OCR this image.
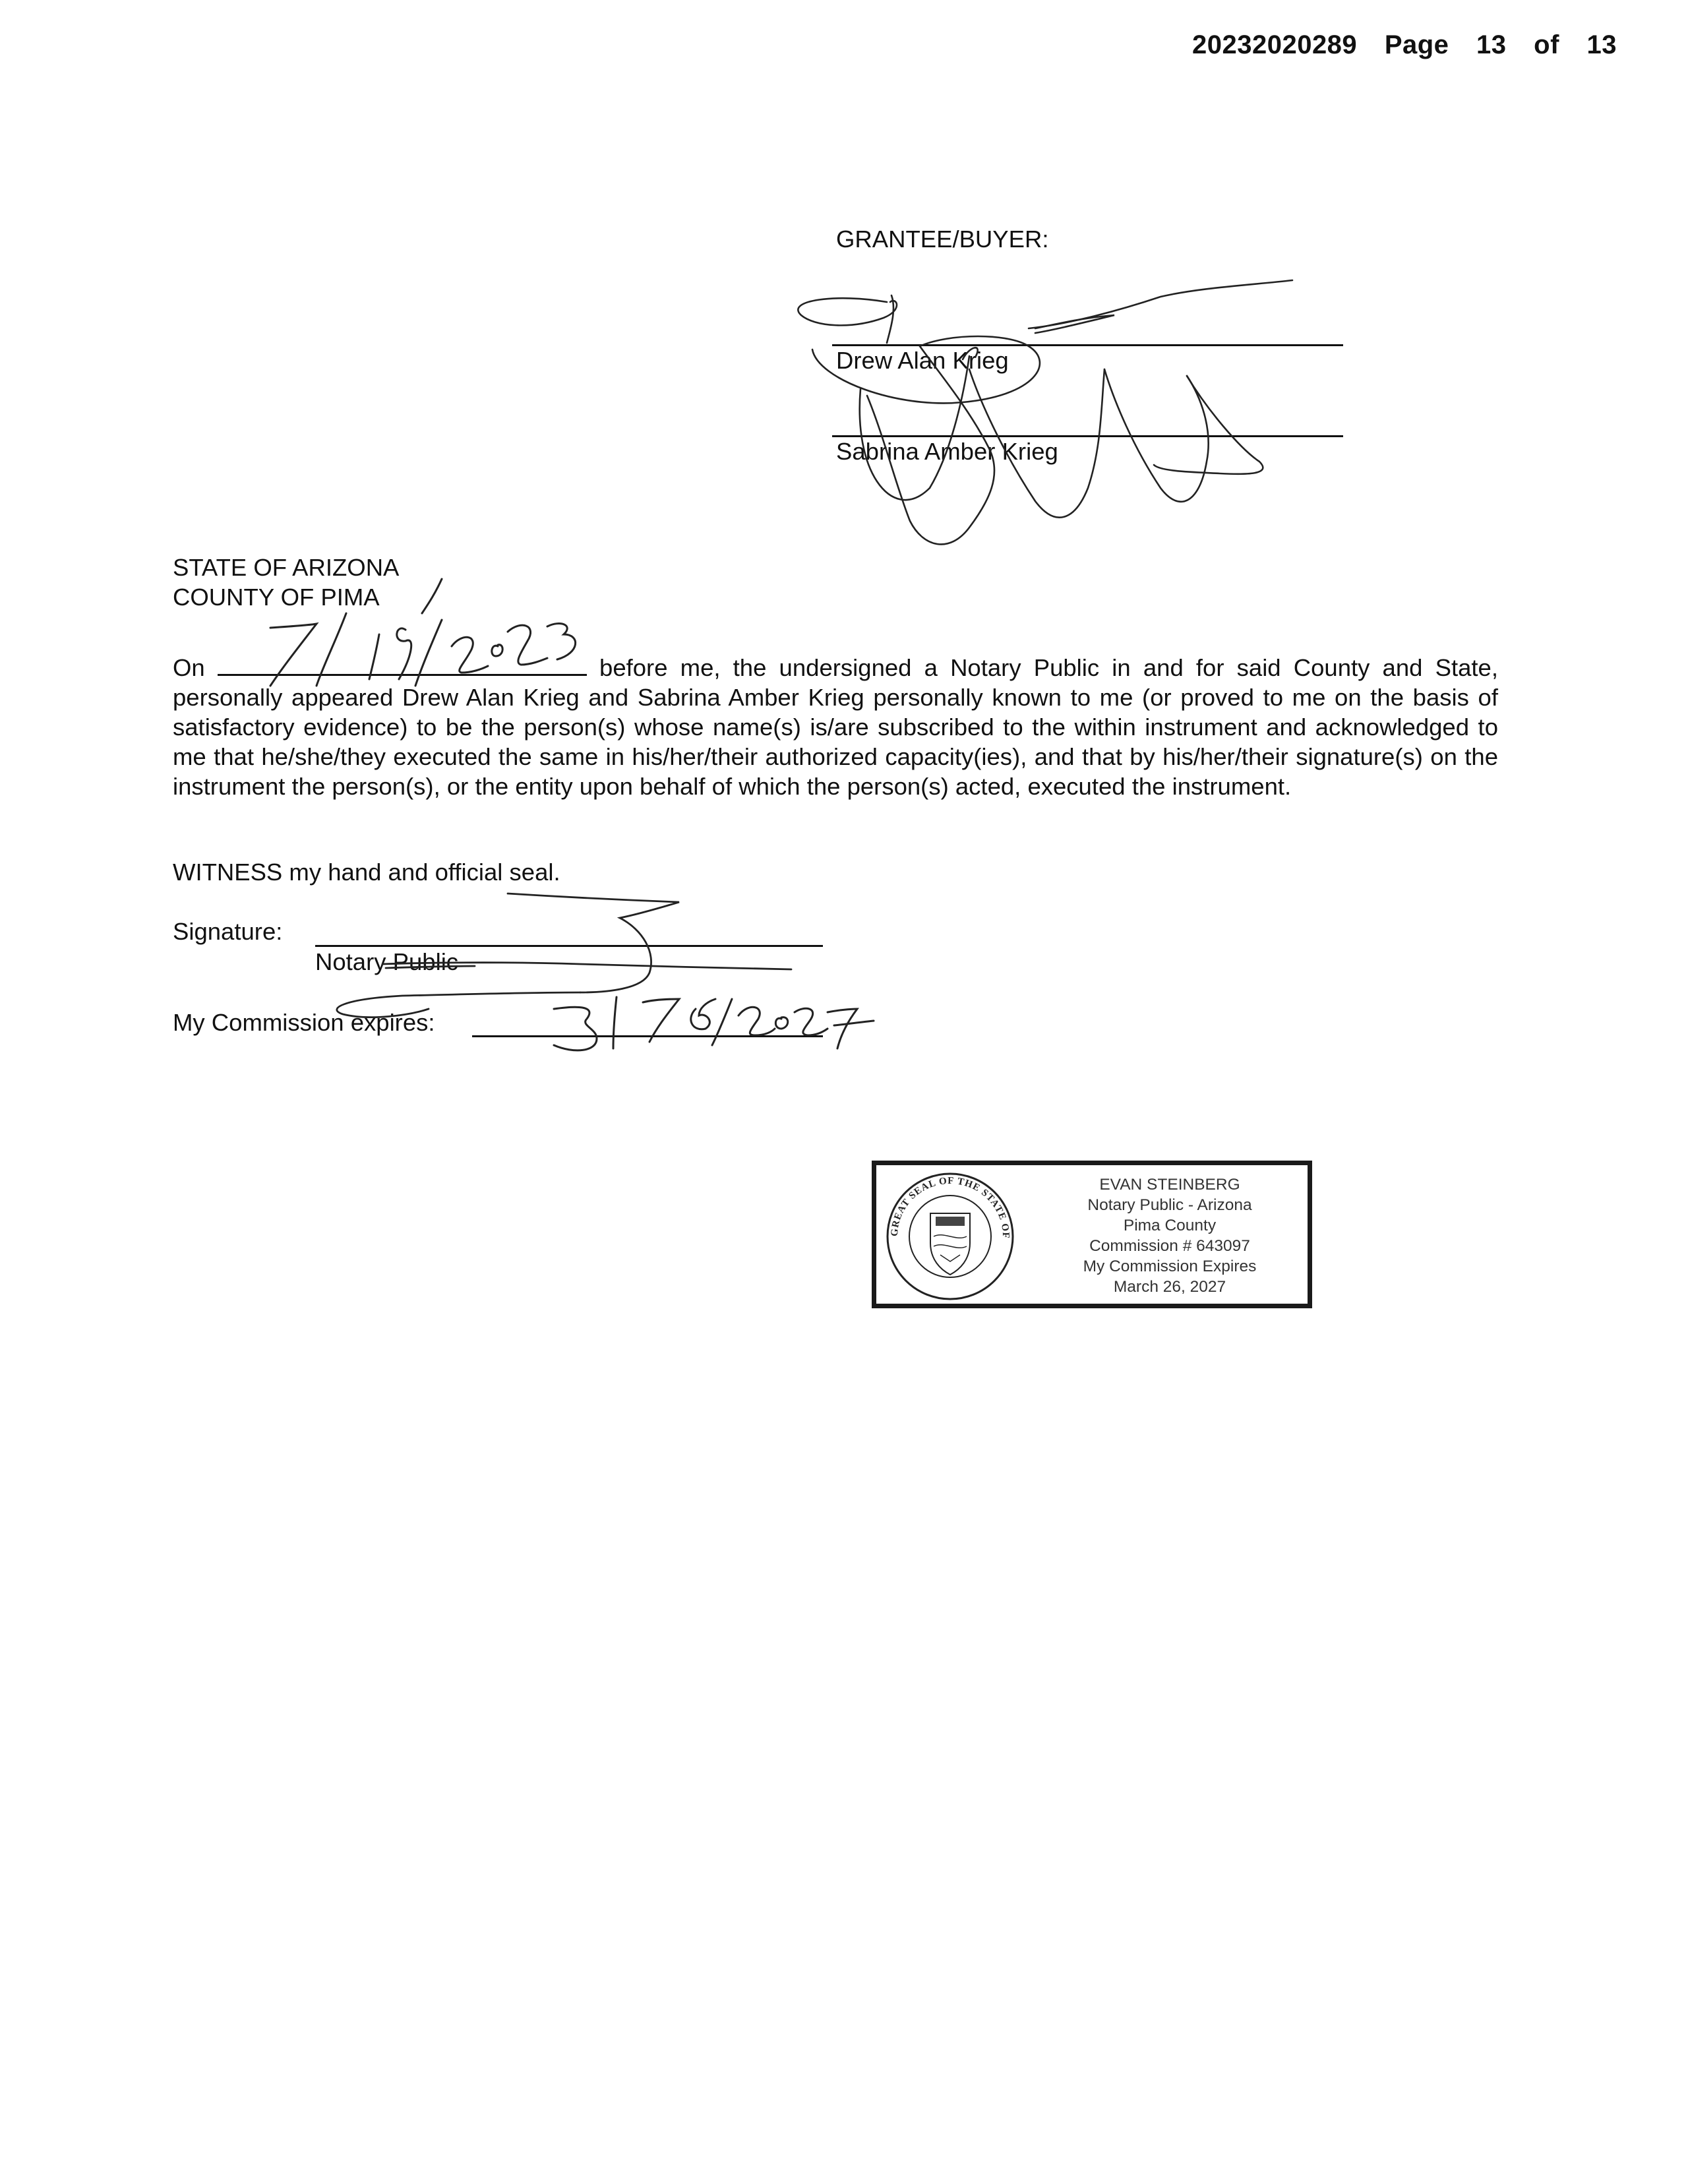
20232020289 Page 13 of 13
GRANTEE/BUYER:
Drew Alan Krieg
Sabrina Amber Krieg
STATE OF ARIZONA
COUNTY OF PIMA
On	before me, the undersigned a Notary Public in and for said County and State, personally appeared Drew Alan Krieg and Sabrina Amber Krieg personally known to me (or proved to me on the basis of satisfactory evidence) to be the person(s) whose name(s) is/are subscribed to the within instrument and acknowledged to me that he/she/they executed the same in his/her/their authorized capacity(ies), and that by his/her/their signature(s) on the instrument the person(s), or the entity upon behalf of which the person(s) acted, executed the instrument.
WITNESS my hand and official seal.
Signature:
Notary Public
My Commission expires:
GREAT SEAL OF THE STATE OF ARIZONA 1912
EVAN STEINBERG
Notary Public - Arizona
Pima County
Commission # 643097
My Commission Expires
March 26, 2027
